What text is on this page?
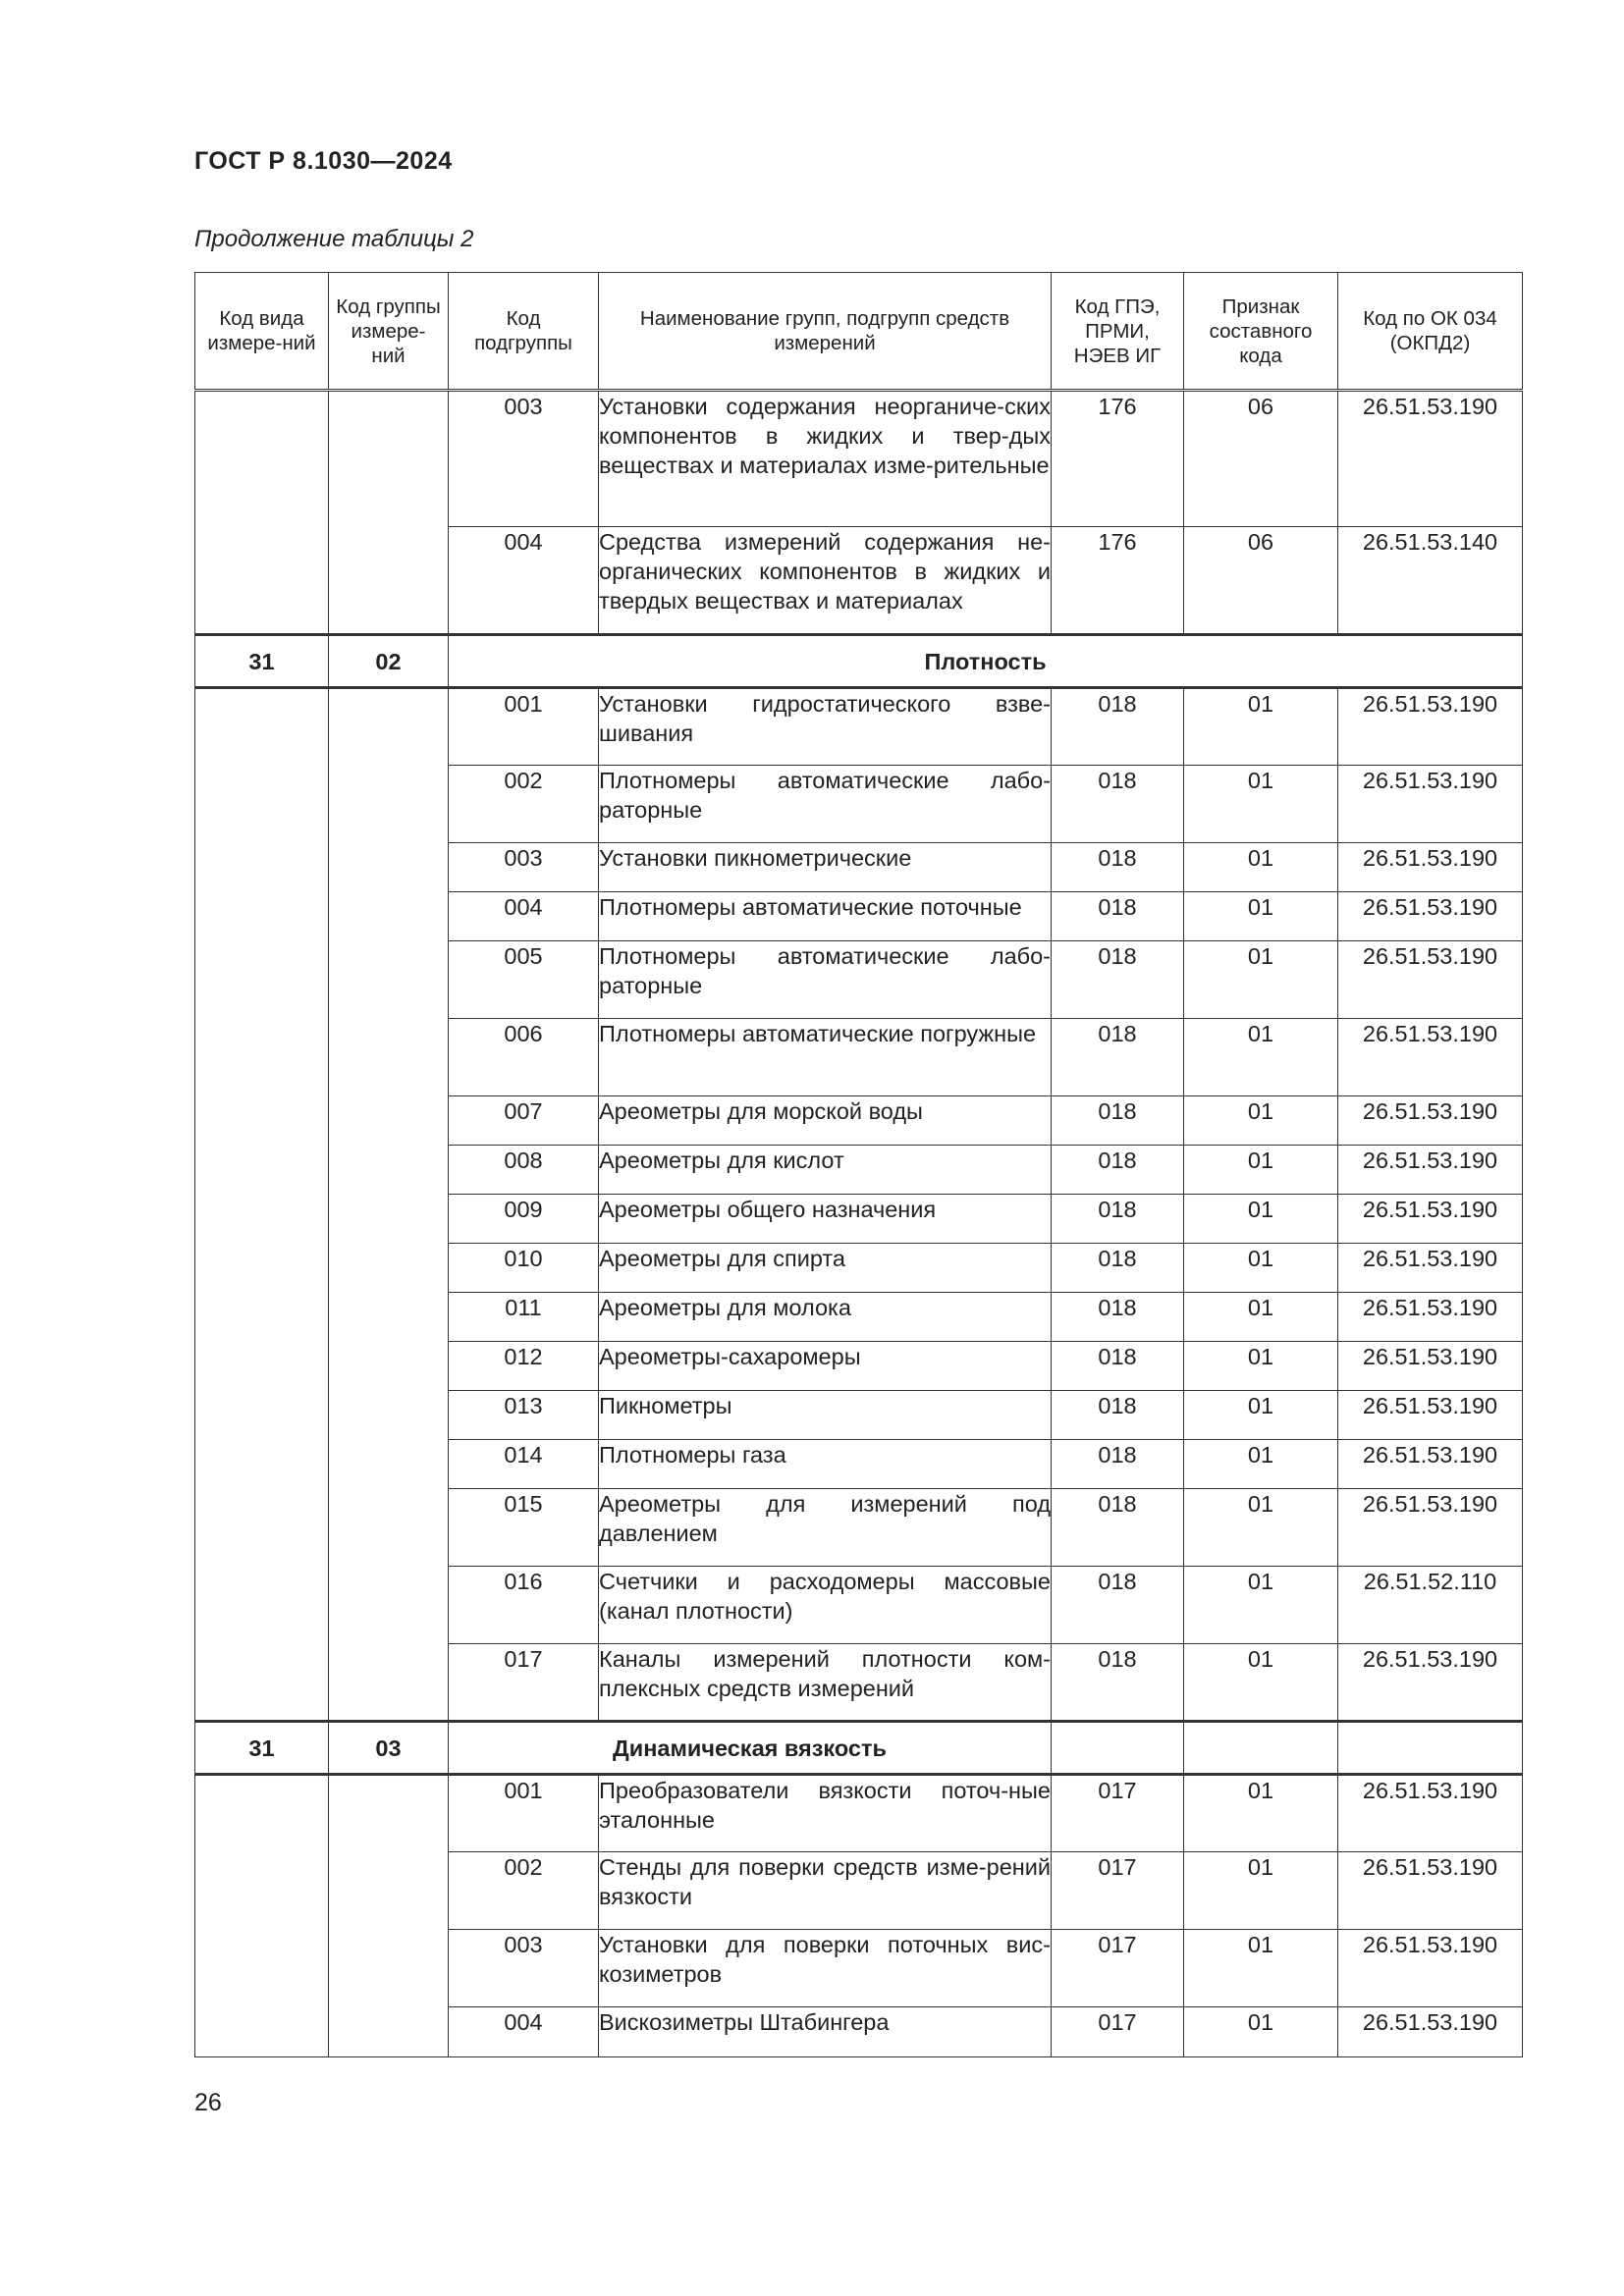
ГОСТ Р 8.1030—2024
Продолжение таблицы 2
Код вида измере-ний	Код группы измере-ний	Код подгруппы	Наименование групп, подгрупп средств измерений	Код ГПЭ, ПРМИ, НЭЕВ ИГ	Признак составного кода	Код по ОК 034 (ОКПД2)
		003	Установки содержания неорганиче-ских компонентов в жидких и твер-дых веществах и материалах изме-рительные	176	06	26.51.53.190
		004	Средства измерений содержания не-органических компонентов в жидких и твердых веществах и материалах	176	06	26.51.53.140
31	02	Плотность				
		001	Установки гидростатического взве-шивания	018	01	26.51.53.190
		002	Плотномеры автоматические лабо-раторные	018	01	26.51.53.190
		003	Установки пикнометрические	018	01	26.51.53.190
		004	Плотномеры автоматические поточные	018	01	26.51.53.190
		005	Плотномеры автоматические лабо-раторные	018	01	26.51.53.190
		006	Плотномеры автоматические погружные	018	01	26.51.53.190
		007	Ареометры для морской воды	018	01	26.51.53.190
		008	Ареометры для кислот	018	01	26.51.53.190
		009	Ареометры общего назначения	018	01	26.51.53.190
		010	Ареометры для спирта	018	01	26.51.53.190
		011	Ареометры для молока	018	01	26.51.53.190
		012	Ареометры-сахаромеры	018	01	26.51.53.190
		013	Пикнометры	018	01	26.51.53.190
		014	Плотномеры газа	018	01	26.51.53.190
		015	Ареометры для измерений под давлением	018	01	26.51.53.190
		016	Счетчики и расходомеры массовые (канал плотности)	018	01	26.51.52.110
		017	Каналы измерений плотности ком-плексных средств измерений	018	01	26.51.53.190
31	03	Динамическая вязкость				
		001	Преобразователи вязкости поточ-ные эталонные	017	01	26.51.53.190
		002	Стенды для поверки средств изме-рений вязкости	017	01	26.51.53.190
		003	Установки для поверки поточных вис-козиметров	017	01	26.51.53.190
		004	Вискозиметры Штабингера	017	01	26.51.53.190
26
